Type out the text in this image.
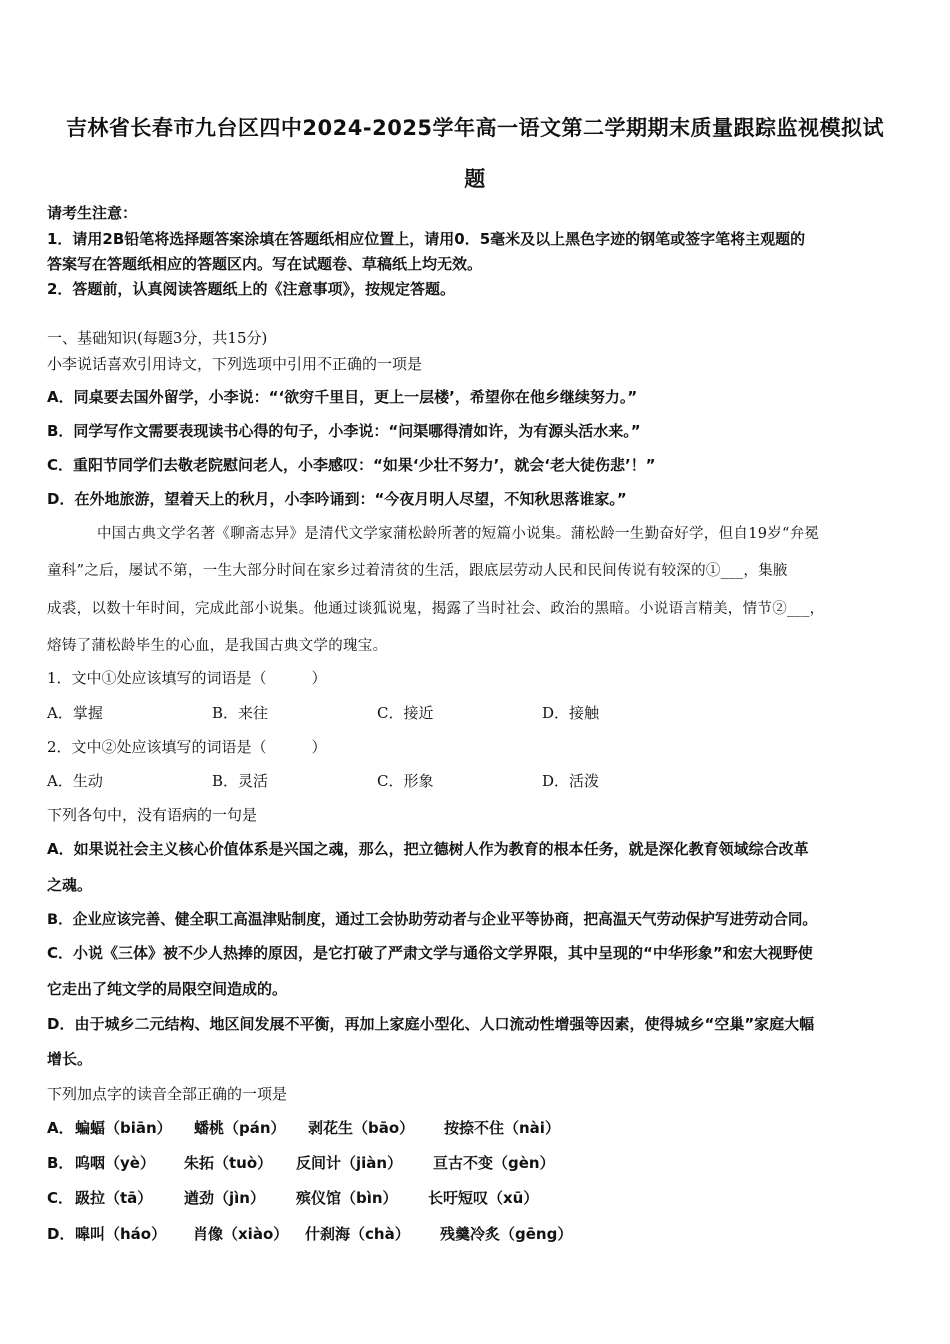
吉林省长春市九台区四中2024-2025学年高一语文第二学期期末质量跟踪监视模拟试
题
请考生注意：
1．请用2B铅笔将选择题答案涂填在答题纸相应位置上，请用0．5毫米及以上黑色字迹的钢笔或签字笔将主观题的
答案写在答题纸相应的答题区内。写在试题卷、草稿纸上均无效。
2．答题前，认真阅读答题纸上的《注意事项》，按规定答题。
一、基础知识(每题3分，共15分)
小李说话喜欢引用诗文，下列选项中引用不正确的一项是
A．同桌要去国外留学，小李说：“‘欲穷千里目，更上一层楼’，希望你在他乡继续努力。”
B．同学写作文需要表现读书心得的句子，小李说：“问渠哪得清如许，为有源头活水来。”
C．重阳节同学们去敬老院慰问老人，小李感叹：“如果‘少壮不努力’，就会‘老大徒伤悲’！”
D．在外地旅游，望着天上的秋月，小李吟诵到：“今夜月明人尽望，不知秋思落谁家。”
中国古典文学名著《聊斋志异》是清代文学家蒲松龄所著的短篇小说集。蒲松龄一生勤奋好学，但自19岁“弁冕
童科”之后，屡试不第，一生大部分时间在家乡过着清贫的生活，跟底层劳动人民和民间传说有较深的①___，集腋
成裘，以数十年时间，完成此部小说集。他通过谈狐说鬼，揭露了当时社会、政治的黑暗。小说语言精美，情节②___，
熔铸了蒲松龄毕生的心血，是我国古典文学的瑰宝。
1．文中①处应该填写的词语是（　　　）
A．掌握	B．来往	C．接近	D．接触
2．文中②处应该填写的词语是（　　　）
A．生动	B．灵活	C．形象	D．活泼
下列各句中，没有语病的一句是
A．如果说社会主义核心价值体系是兴国之魂，那么，把立德树人作为教育的根本任务，就是深化教育领域综合改革
之魂。
B．企业应该完善、健全职工高温津贴制度，通过工会协助劳动者与企业平等协商，把高温天气劳动保护写进劳动合同。
C．小说《三体》被不少人热捧的原因，是它打破了严肃文学与通俗文学界限，其中呈现的“中华形象”和宏大视野使
它走出了纯文学的局限空间造成的。
D．由于城乡二元结构、地区间发展不平衡，再加上家庭小型化、人口流动性增强等因素，使得城乡“空巢”家庭大幅
增长。
下列加点字的读音全部正确的一项是
A． 蝙蝠（biān） 蟠桃（pán） 剥花生（bāo） 按捺不住（nài）
B． 呜咽（yè） 朱拓（tuò） 反间计（jiàn） 亘古不变（gèn）
C． 趿拉（tā） 遒劲（jìn） 殡仪馆（bìn） 长吁短叹（xū）
D． 嗥叫（háo） 肖像（xiào） 什刹海（chà） 残羹冷炙（gēng）
